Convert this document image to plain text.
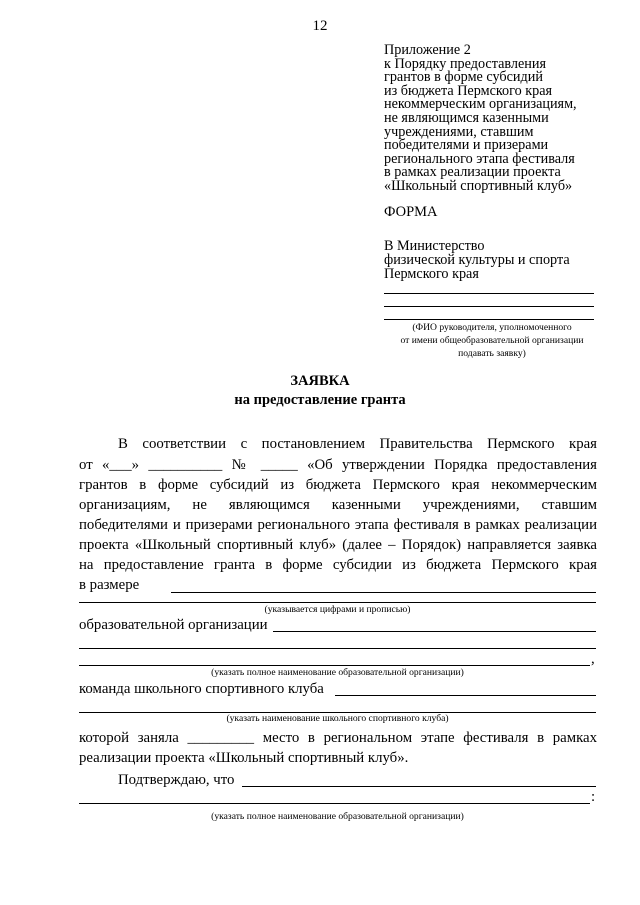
12
Приложение 2
к Порядку предоставления
грантов в форме субсидий
из бюджета Пермского края
некоммерческим организациям,
не являющимся казенными
учреждениями, ставшим
победителями и призерами
регионального этапа фестиваля
в рамках реализации проекта
«Школьный спортивный клуб»
ФОРМА
В Министерство
физической культуры и спорта
Пермского края
(ФИО руководителя, уполномоченного
от имени общеобразовательной организации
подавать заявку)
ЗАЯВКА
на предоставление гранта
В соответствии с постановлением Правительства Пермского края
от «___» __________ № _____ «Об утверждении Порядка предоставления
грантов в форме субсидий из бюджета Пермского края некоммерческим
организациям, не являющимся казенными учреждениями, ставшим
победителями и призерами регионального этапа фестиваля в рамках реализации
проекта «Школьный спортивный клуб» (далее – Порядок) направляется заявка
на предоставление гранта в форме субсидии из бюджета Пермского края
в размере
(указывается цифрами и прописью)
образовательной организации
,
(указать полное наименование образовательной организации)
команда школьного спортивного клуба
(указать наименование школьного спортивного клуба)
которой заняла _________ место в региональном этапе фестиваля в рамках
реализации проекта «Школьный спортивный клуб».
Подтверждаю, что
:
(указать полное наименование образовательной организации)
